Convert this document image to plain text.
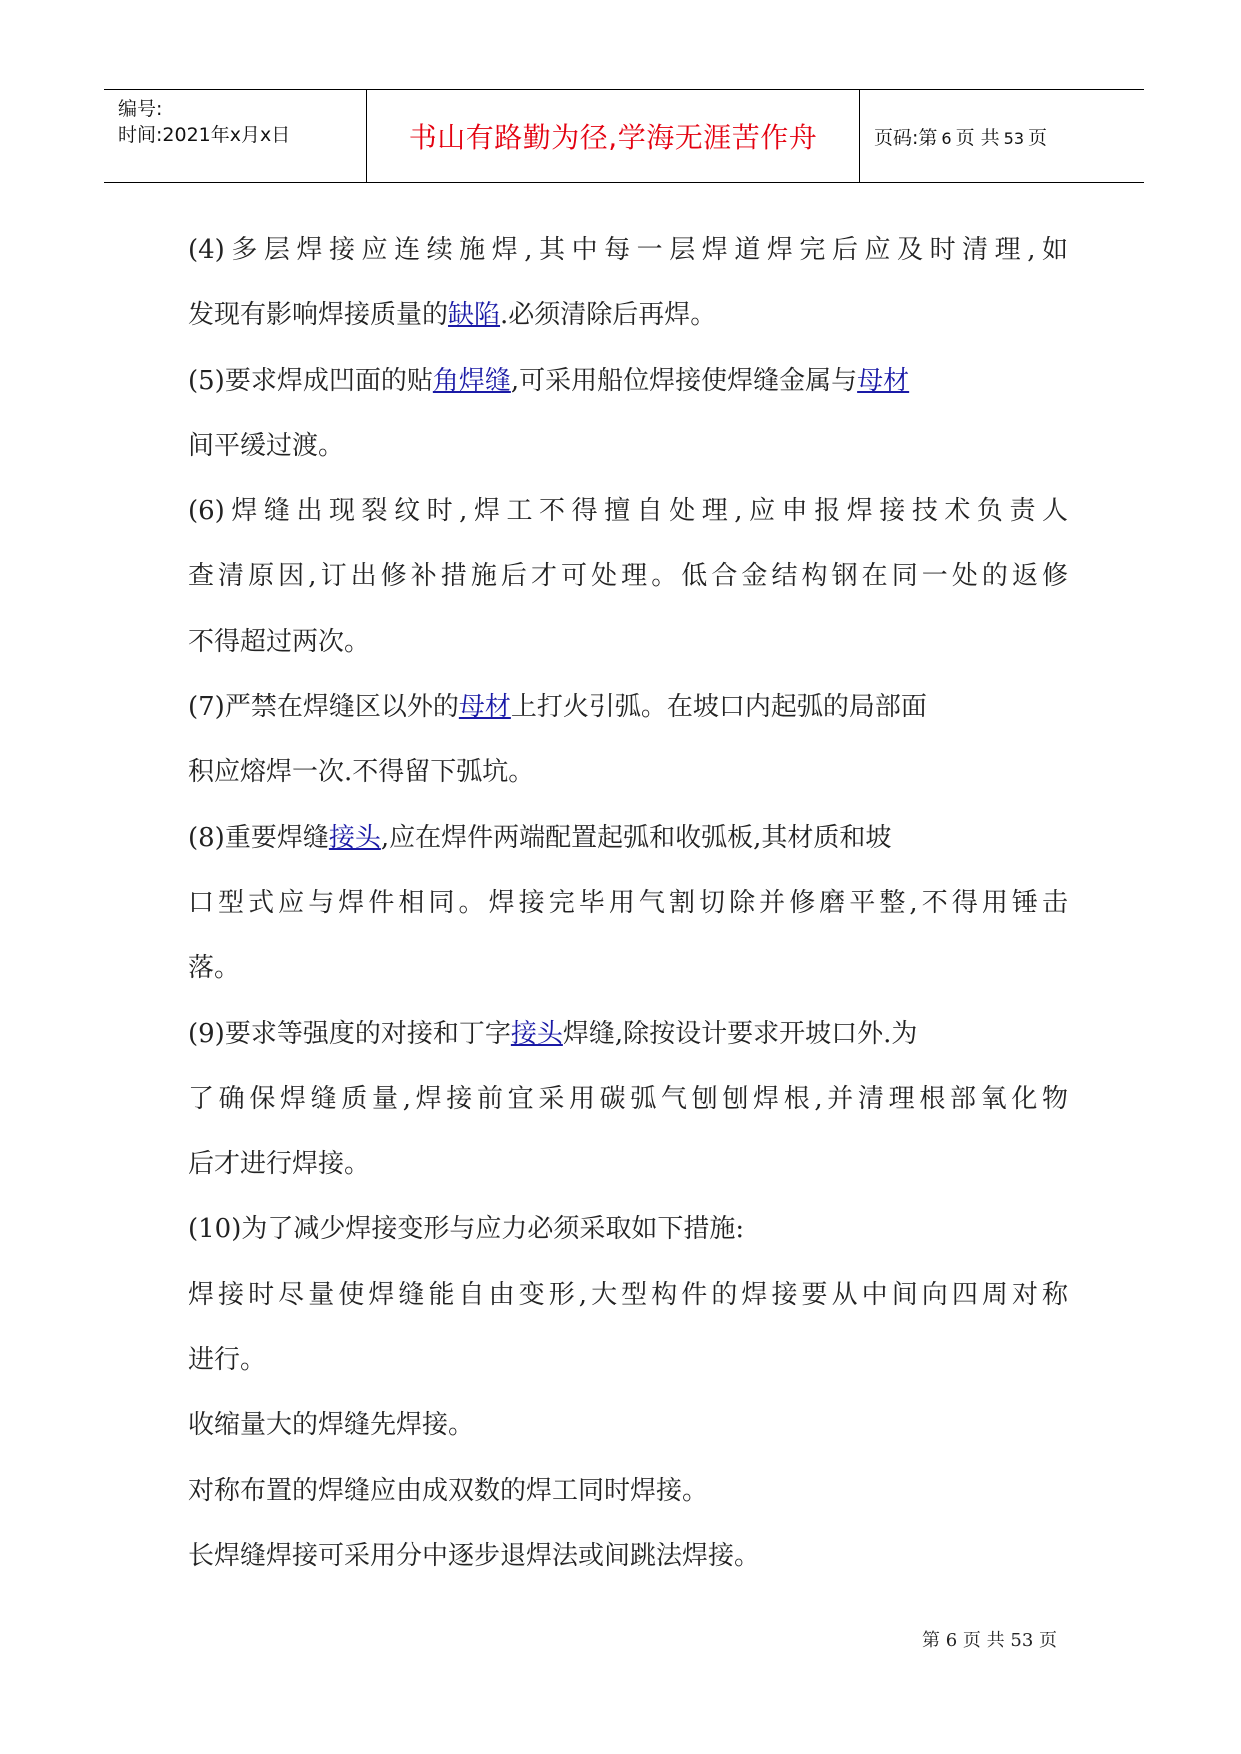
编号:
时间:2021年x月x日	书山有路勤为径,学海无涯苦作舟	页码:第 6 页 共 53 页
(4)多层焊接应连续施焊,其中每一层焊道焊完后应及时清理,如
发现有影响焊接质量的缺陷.必须清除后再焊。
(5)要求焊成凹面的贴角焊缝,可采用船位焊接使焊缝金属与母材
间平缓过渡。
(6)焊缝出现裂纹时,焊工不得擅自处理,应申报焊接技术负责人
查清原因,订出修补措施后才可处理。低合金结构钢在同一处的返修
不得超过两次。
(7)严禁在焊缝区以外的母材上打火引弧。在坡口内起弧的局部面
积应熔焊一次.不得留下弧坑。
(8)重要焊缝接头,应在焊件两端配置起弧和收弧板,其材质和坡
口型式应与焊件相同。焊接完毕用气割切除并修磨平整,不得用锤击
落。
(9)要求等强度的对接和丁字接头焊缝,除按设计要求开坡口外.为
了确保焊缝质量,焊接前宜采用碳弧气刨刨焊根,并清理根部氧化物
后才进行焊接。
(10)为了减少焊接变形与应力必须采取如下措施:
焊接时尽量使焊缝能自由变形,大型构件的焊接要从中间向四周对称
进行。
收缩量大的焊缝先焊接。
对称布置的焊缝应由成双数的焊工同时焊接。
长焊缝焊接可采用分中逐步退焊法或间跳法焊接。
第 6 页 共 53 页
